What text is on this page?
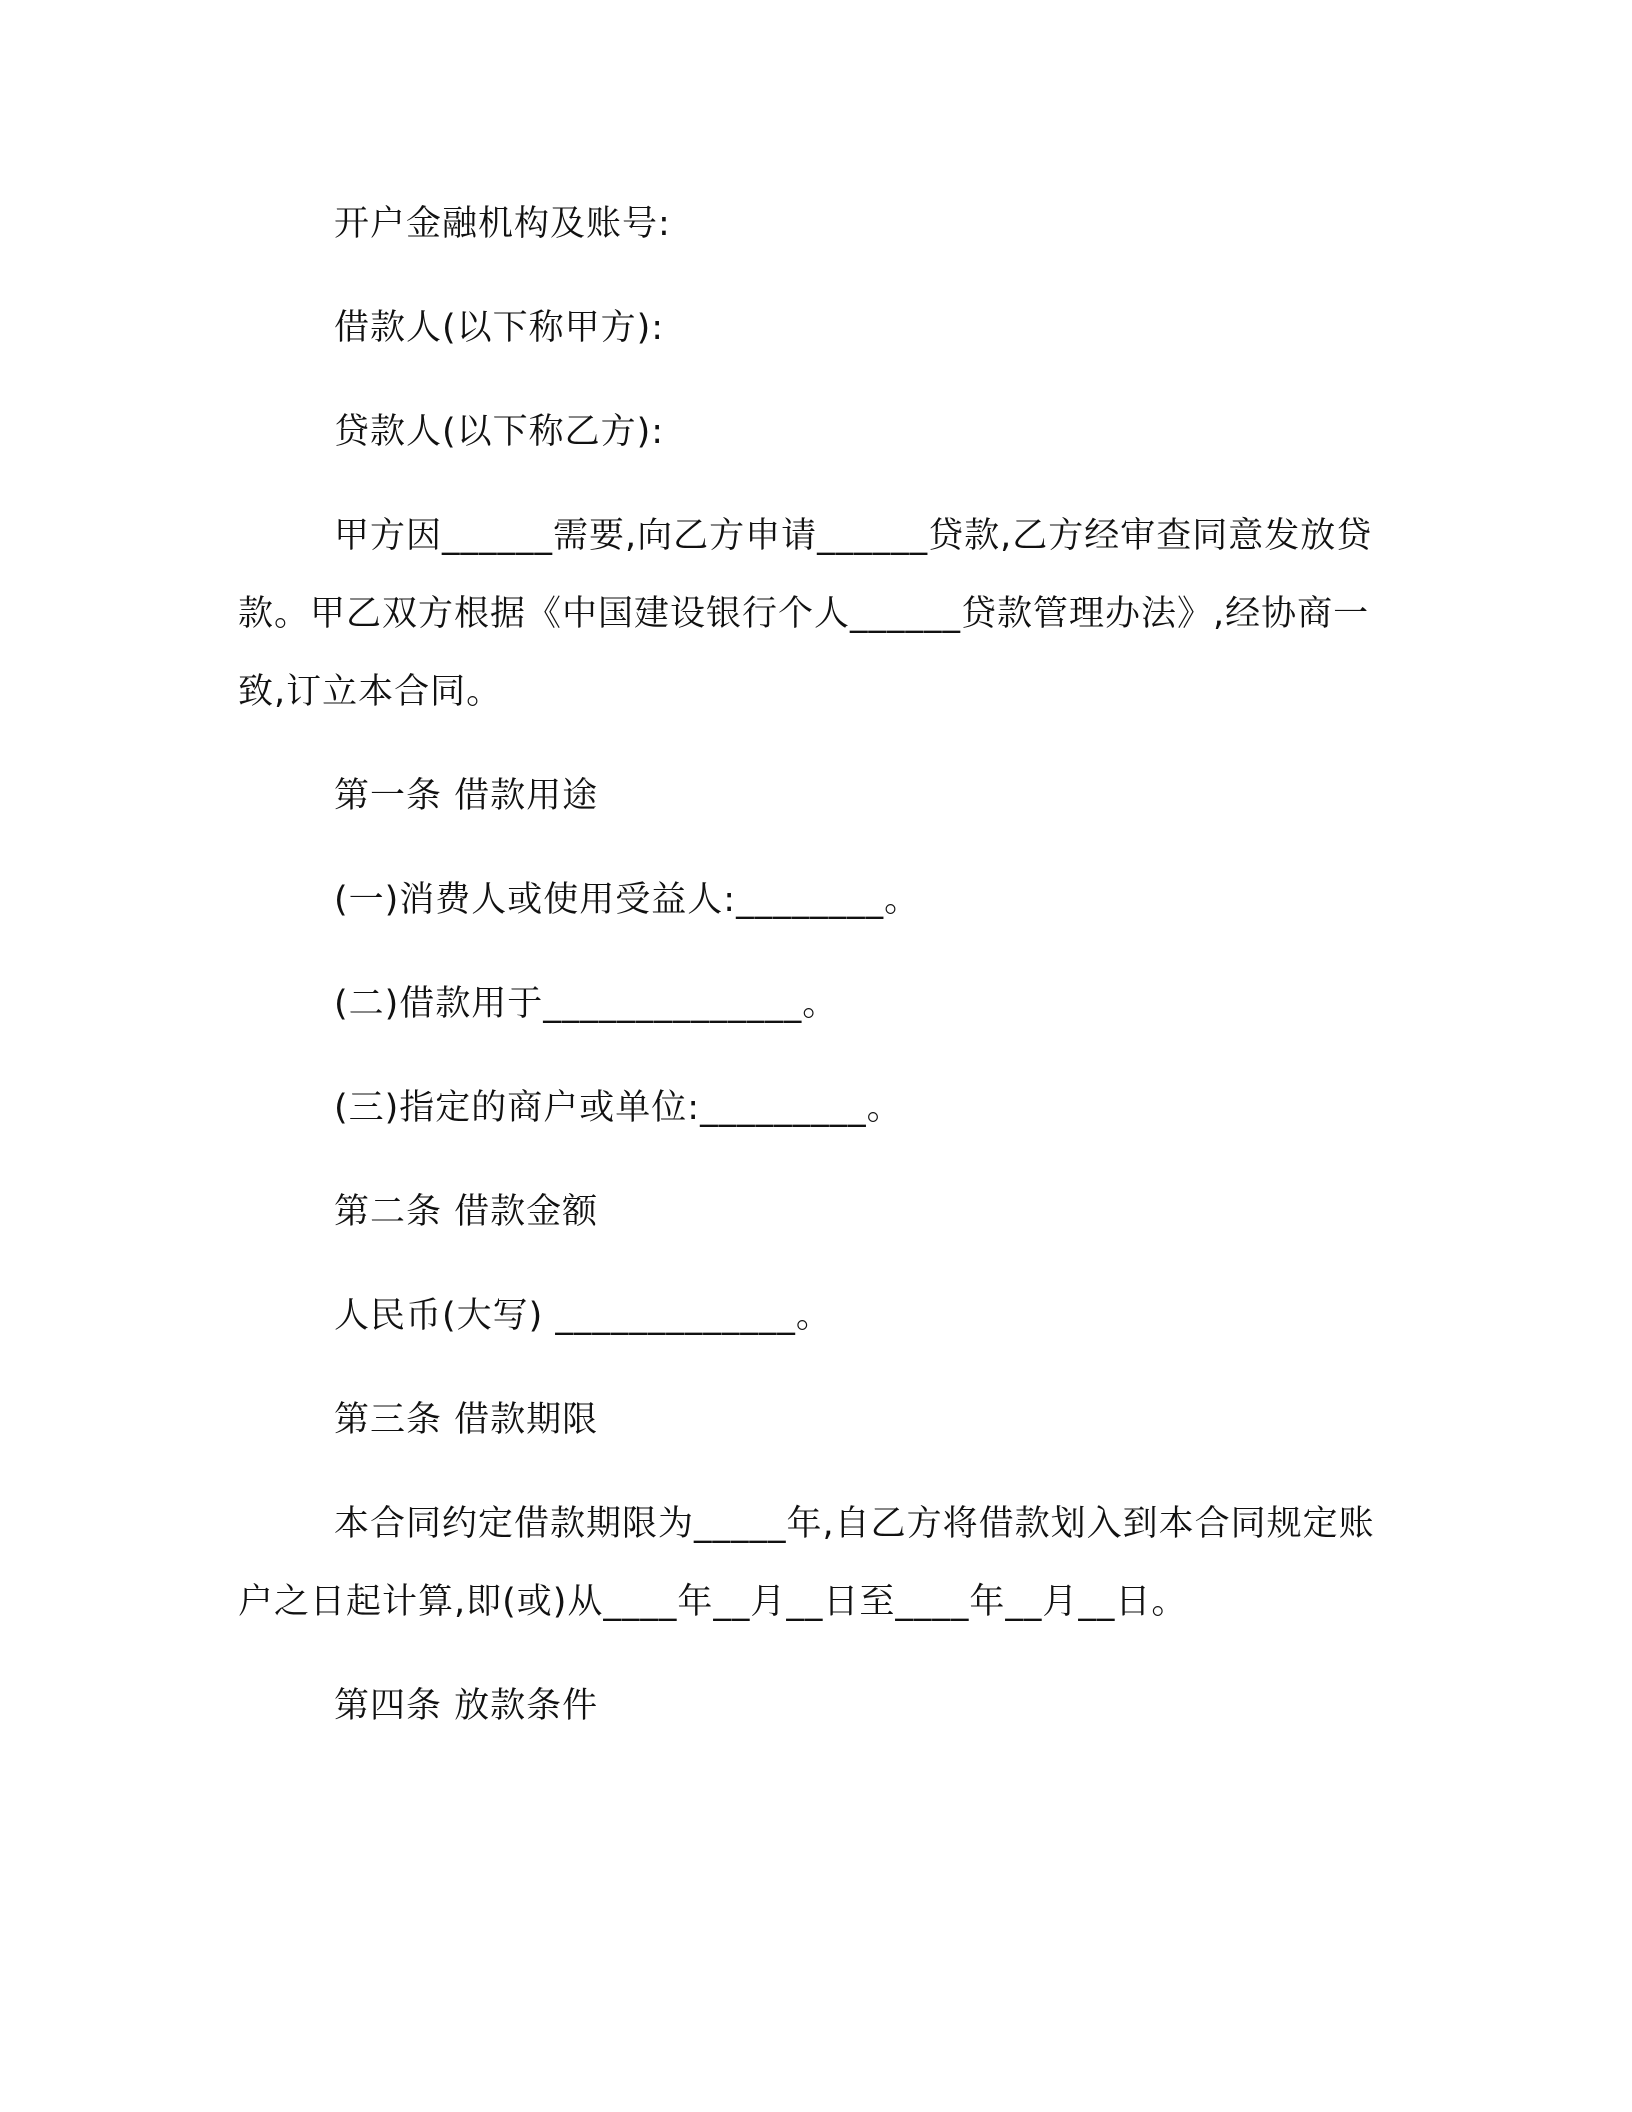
开户金融机构及账号:

借款人(以下称甲方):

贷款人(以下称乙方):

甲方因______需要,向乙方申请______贷款,乙方经审查同意发放贷款。甲乙双方根据《中国建设银行个人______贷款管理办法》,经协商一致,订立本合同。

第一条 借款用途

(一)消费人或使用受益人:________。

(二)借款用于______________。

(三)指定的商户或单位:_________。

第二条 借款金额

人民币(大写) _____________。

第三条 借款期限

本合同约定借款期限为_____年,自乙方将借款划入到本合同规定账户之日起计算,即(或)从____年__月__日至____年__月__日。

第四条 放款条件
